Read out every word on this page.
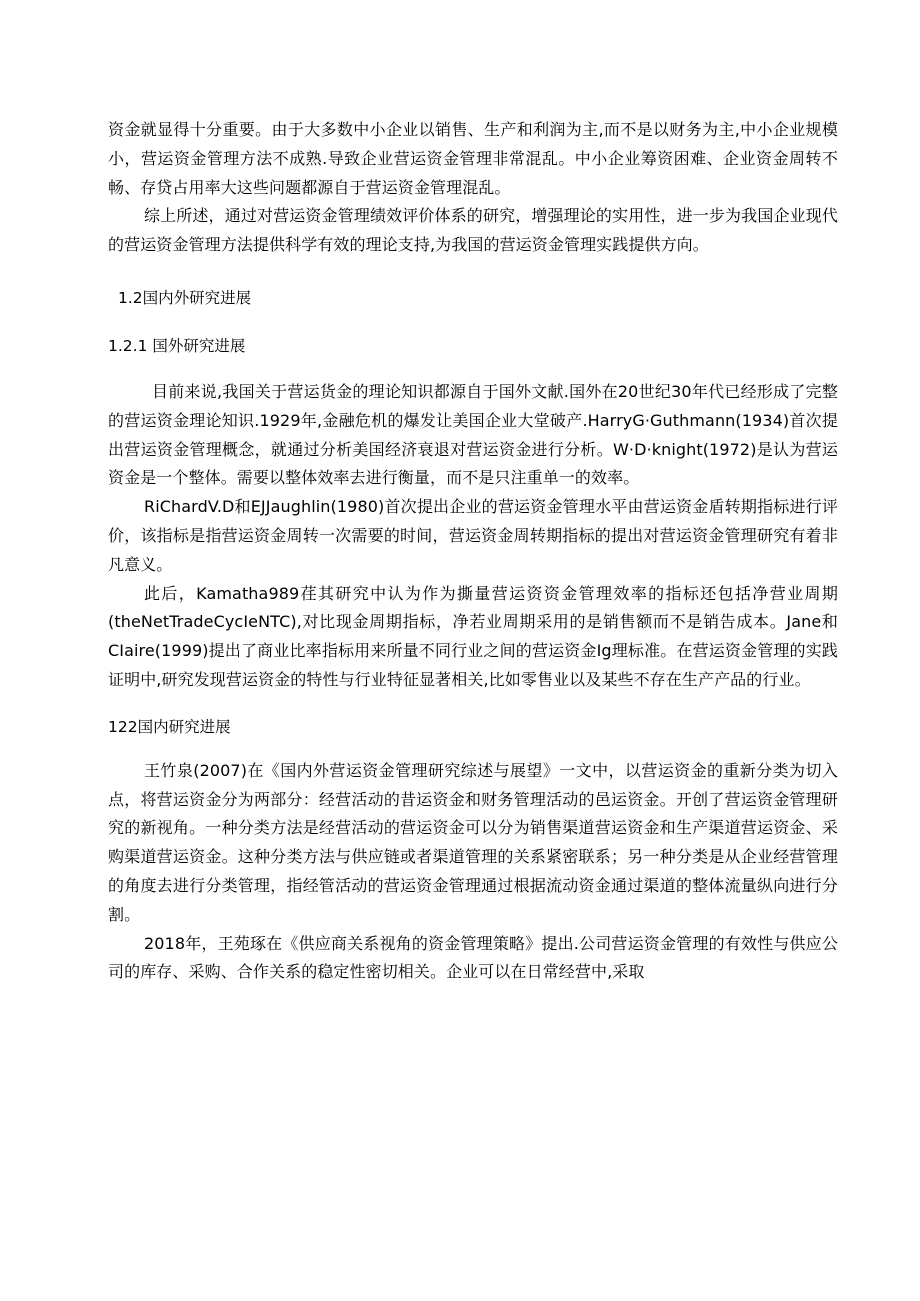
资金就显得十分重要。由于大多数中小企业以销售、生产和利润为主,而不是以财务为主,中小企业规模小，营运资金管理方法不成熟.导致企业营运资金管理非常混乱。中小企业筹资困难、企业资金周转不畅、存贷占用率大这些问题都源自于营运资金管理混乱。

综上所述，通过对营运资金管理绩效评价体系的研究，增强理论的实用性，进一步为我国企业现代的营运资金管理方法提供科学有效的理论支持,为我国的营运资金管理实践提供方向。

1.2国内外研究进展

1.2.1 国外研究进展

目前来说,我国关于营运货金的理论知识都源自于国外文献.国外在20世纪30年代已经形成了完整的营运资金理论知识.1929年,金融危机的爆发让美国企业大堂破产.HarryG·Guthmann(1934)首次提出营运资金管理概念，就通过分析美国经济衰退对营运资金进行分析。W·D·knight(1972)是认为营运资金是一个整体。需要以整体效率去进行衡量，而不是只注重单一的效率。

RiChardV.D和EJJaughlin(1980)首次提出企业的营运资金管理水平由营运资金盾转期指标进行评价，该指标是指营运资金周转一次需要的时间，营运资金周转期指标的提出对营运资金管理研究有着非凡意义。

此后，Kamatha989荏其研究中认为作为撕量营运资资金管理效率的指标还包括净营业周期(theNetTradeCycIeNTC),对比现金周期指标，净若业周期采用的是销售额而不是销告成本。Jane和CIaire(1999)提出了商业比率指标用来所量不同行业之间的营运资金Ig理标准。在营运资金管理的实践证明中,研究发现营运资金的特性与行业特征显著相关,比如零售业以及某些不存在生产产品的行业。

122国内研究进展

王竹泉(2007)在《国内外营运资金管理研究综述与展望》一文中，以营运资金的重新分类为切入点，将营运资金分为两部分：经营活动的昔运资金和财务管理活动的邑运资金。开创了营运资金管理研究的新视角。一种分类方法是经营活动的营运资金可以分为销售渠道营运资金和生产渠道营运资金、采购渠道营运资金。这种分类方法与供应链或者渠道管理的关系紧密联系；另一种分类是从企业经营管理的角度去进行分类管理，指经管活动的营运资金管理通过根据流动资金通过渠道的整体流量纵向进行分割。

2018年，王苑琢在《供应商关系视角的资金管理策略》提出.公司营运资金管理的有效性与供应公司的库存、采购、合作关系的稳定性密切相关。企业可以在日常经营中,采取
